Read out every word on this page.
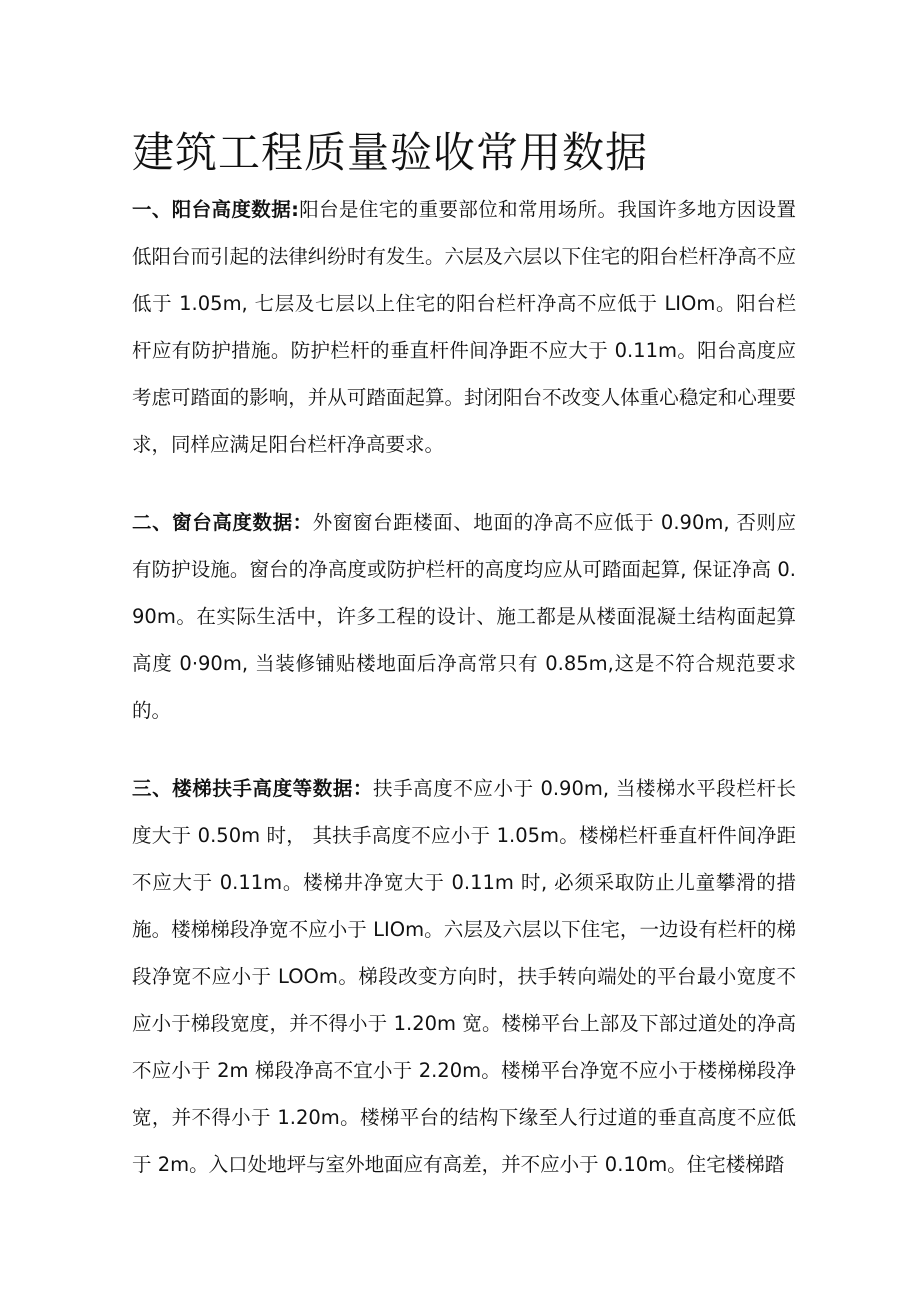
建筑工程质量验收常用数据
一、阳台高度数据:阳台是住宅的重要部位和常用场所。我国许多地方因设置低阳台而引起的法律纠纷时有发生。六层及六层以下住宅的阳台栏杆净高不应低于 1.05m, 七层及七层以上住宅的阳台栏杆净高不应低于 LIOm。阳台栏杆应有防护措施。防护栏杆的垂直杆件间净距不应大于 0.11m。阳台高度应考虑可踏面的影响，并从可踏面起算。封闭阳台不改变人体重心稳定和心理要求，同样应满足阳台栏杆净高要求。
二、窗台高度数据：外窗窗台距楼面、地面的净高不应低于 0.90m, 否则应有防护设施。窗台的净高度或防护栏杆的高度均应从可踏面起算, 保证净高 0.90m。在实际生活中，许多工程的设计、施工都是从楼面混凝土结构面起算高度 0·90m, 当装修铺贴楼地面后净高常只有 0.85m,这是不符合规范要求的。
三、楼梯扶手高度等数据：扶手高度不应小于 0.90m, 当楼梯水平段栏杆长度大于 0.50m 时， 其扶手高度不应小于 1.05m。楼梯栏杆垂直杆件间净距不应大于 0.11m。楼梯井净宽大于 0.11m 时, 必须采取防止儿童攀滑的措施。楼梯梯段净宽不应小于 LIOm。六层及六层以下住宅，一边设有栏杆的梯段净宽不应小于 LOOm。梯段改变方向时，扶手转向端处的平台最小宽度不应小于梯段宽度，并不得小于 1.20m 宽。楼梯平台上部及下部过道处的净高不应小于 2m 梯段净高不宜小于 2.20m。楼梯平台净宽不应小于楼梯梯段净宽，并不得小于 1.20m。楼梯平台的结构下缘至人行过道的垂直高度不应低于 2m。入口处地坪与室外地面应有高差，并不应小于 0.10m。住宅楼梯踏
